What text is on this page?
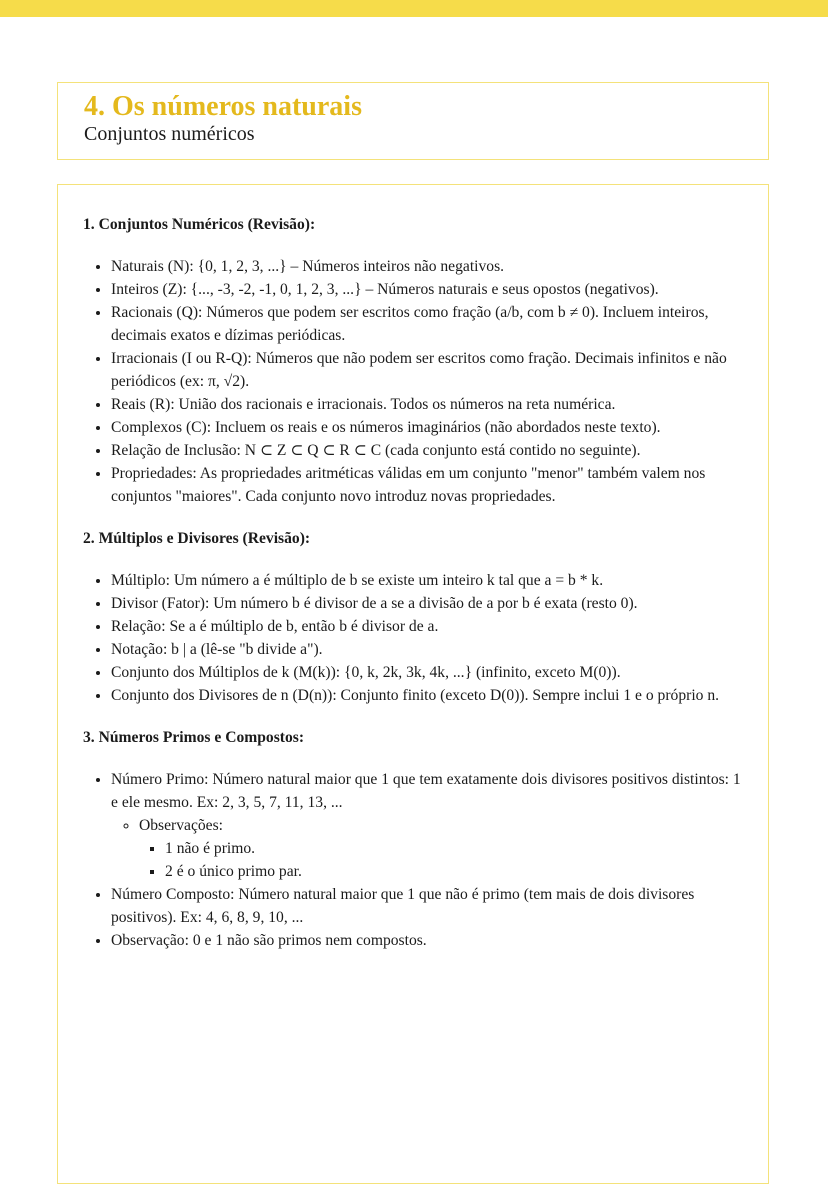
4. Os números naturais
Conjuntos numéricos
1. Conjuntos Numéricos (Revisão):
• Naturais (N): {0, 1, 2, 3, ...} – Números inteiros não negativos.
• Inteiros (Z): {..., -3, -2, -1, 0, 1, 2, 3, ...} – Números naturais e seus opostos (negativos).
• Racionais (Q): Números que podem ser escritos como fração (a/b, com b ≠ 0). Incluem inteiros, decimais exatos e dízimas periódicas.
• Irracionais (I ou R-Q): Números que não podem ser escritos como fração. Decimais infinitos e não periódicos (ex: π, √2).
• Reais (R): União dos racionais e irracionais. Todos os números na reta numérica.
• Complexos (C): Incluem os reais e os números imaginários (não abordados neste texto).
• Relação de Inclusão: N ⊂ Z ⊂ Q ⊂ R ⊂ C (cada conjunto está contido no seguinte).
• Propriedades: As propriedades aritméticas válidas em um conjunto "menor" também valem nos conjuntos "maiores". Cada conjunto novo introduz novas propriedades.
2. Múltiplos e Divisores (Revisão):
• Múltiplo: Um número a é múltiplo de b se existe um inteiro k tal que a = b * k.
• Divisor (Fator): Um número b é divisor de a se a divisão de a por b é exata (resto 0).
• Relação: Se a é múltiplo de b, então b é divisor de a.
• Notação: b | a (lê-se "b divide a").
• Conjunto dos Múltiplos de k (M(k)): {0, k, 2k, 3k, 4k, ...} (infinito, exceto M(0)).
• Conjunto dos Divisores de n (D(n)): Conjunto finito (exceto D(0)). Sempre inclui 1 e o próprio n.
3. Números Primos e Compostos:
• Número Primo: Número natural maior que 1 que tem exatamente dois divisores positivos distintos: 1 e ele mesmo. Ex: 2, 3, 5, 7, 11, 13, ...
◦ Observações:
▪ 1 não é primo.
▪ 2 é o único primo par.
• Número Composto: Número natural maior que 1 que não é primo (tem mais de dois divisores positivos). Ex: 4, 6, 8, 9, 10, ...
• Observação: 0 e 1 não são primos nem compostos.
